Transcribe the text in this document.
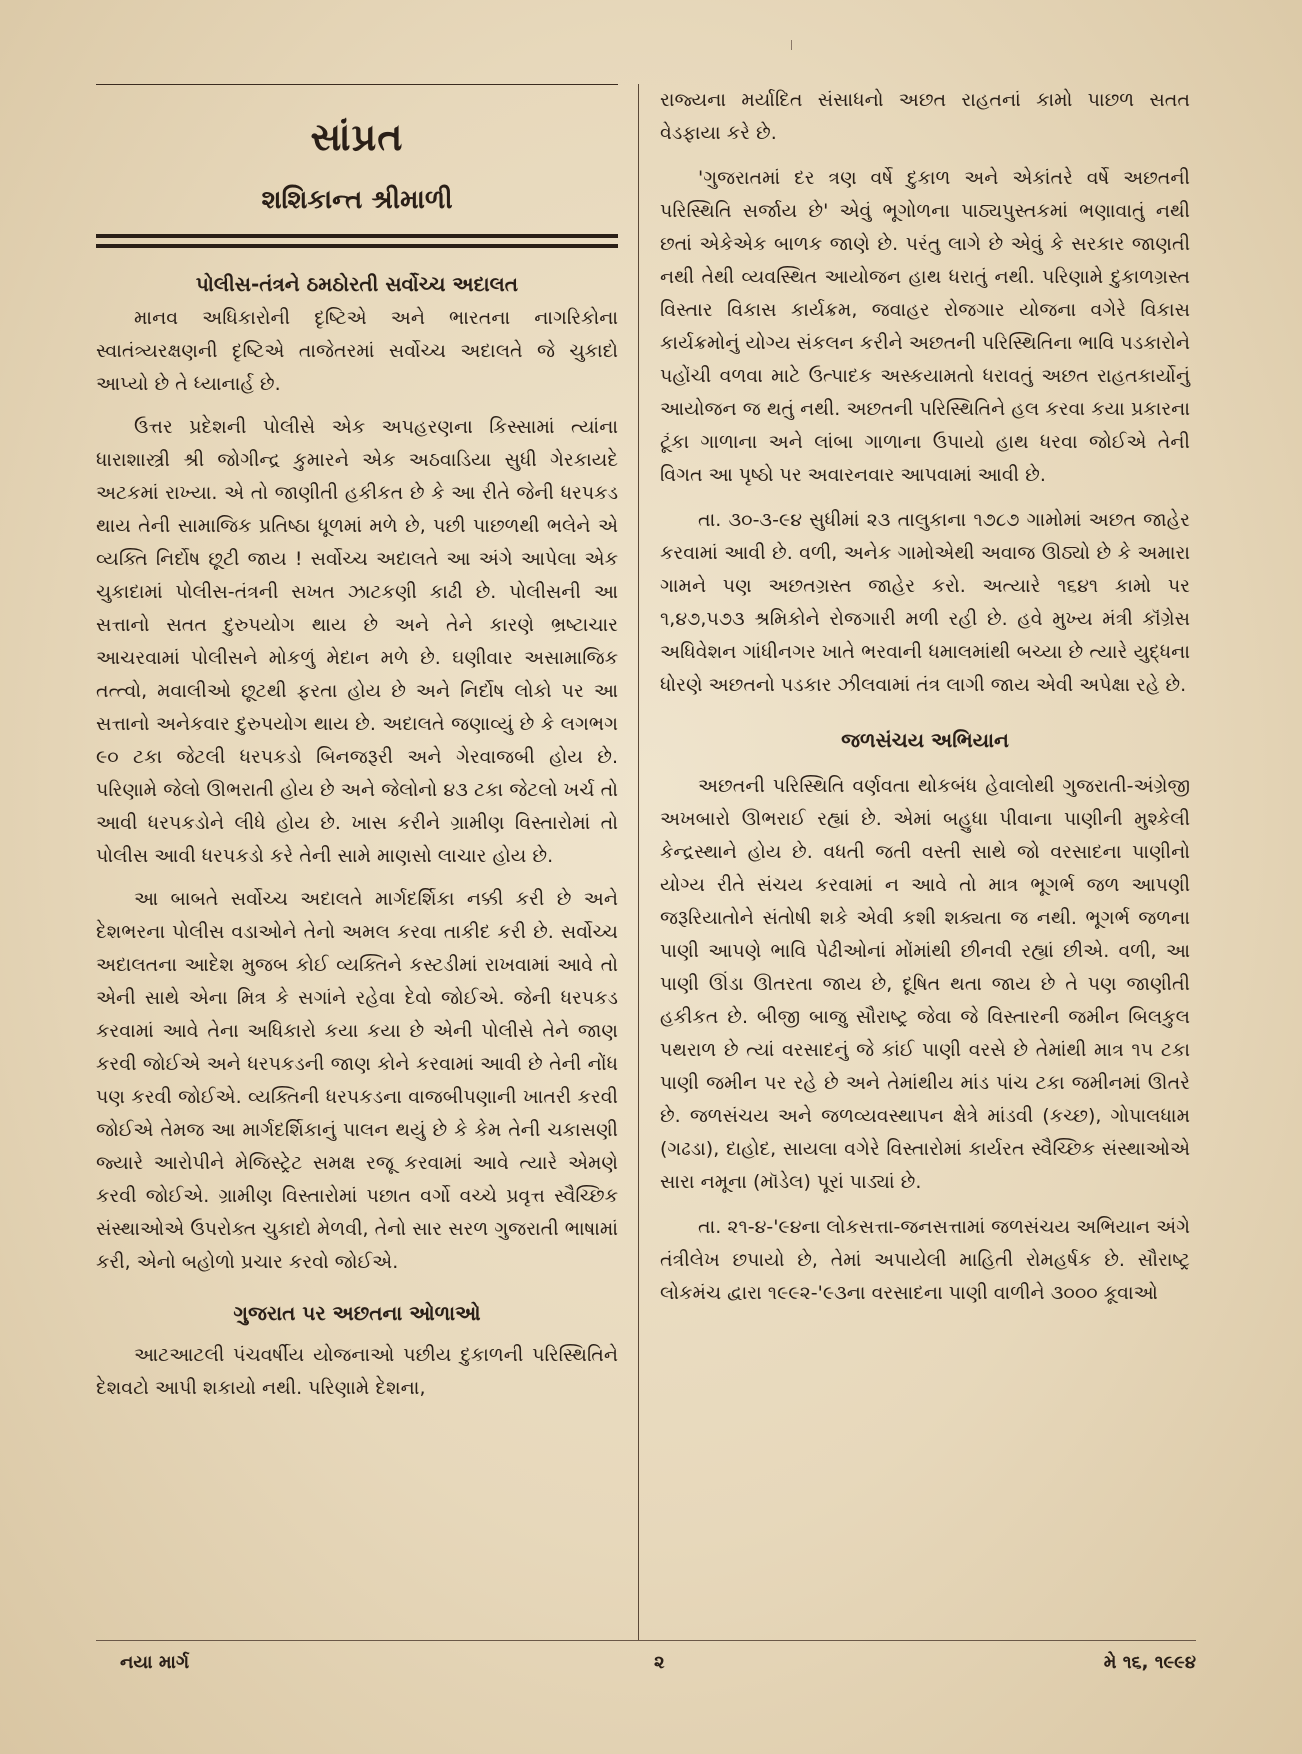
સાંપ્રત
શશિકાન્ત શ્રીમાળી
પોલીસ-તંત્રને ઠમઠોરતી સર્વોચ્ચ અદાલત

માનવ અધિકારોની દૃષ્ટિએ અને ભારતના નાગરિકોના સ્વાતંત્ર્યરક્ષણની દૃષ્ટિએ તાજેતરમાં સર્વોચ્ચ અદાલતે જે ચુકાદો આપ્યો છે તે ધ્યાનાર્હ છે.

ઉત્તર પ્રદેશની પોલીસે એક અપહરણના કિસ્સામાં ત્યાંના ધારાશાસ્ત્રી શ્રી જોગીન્દ્ર કુમારને એક અઠવાડિયા સુધી ગેરકાયદે અટકમાં રાખ્યા. એ તો જાણીતી હકીકત છે કે આ રીતે જેની ધરપકડ થાય તેની સામાજિક પ્રતિષ્ઠા ધૂળમાં મળે છે, પછી પાછળથી ભલેને એ વ્યક્તિ નિર્દોષ છૂટી જાય ! સર્વોચ્ચ અદાલતે આ અંગે આપેલા એક ચુકાદામાં પોલીસ-તંત્રની સખત ઝાટકણી કાઢી છે. પોલીસની આ સત્તાનો સતત દુરુપયોગ થાય છે અને તેને કારણે ભ્રષ્ટાચાર આચરવામાં પોલીસને મોકળું મેદાન મળે છે. ઘણીવાર અસામાજિક તત્ત્વો, મવાલીઓ છૂટથી ફરતા હોય છે અને નિર્દોષ લોકો પર આ સત્તાનો અનેકવાર દુરુપયોગ થાય છે. અદાલતે જણાવ્યું છે કે લગભગ ૯૦ ટકા જેટલી ધરપકડો બિનજરૂરી અને ગેરવાજબી હોય છે. પરિણામે જેલો ઊભરાતી હોય છે અને જેલોનો ૪૩ ટકા જેટલો ખર્ચ તો આવી ધરપકડોને લીધે હોય છે. ખાસ કરીને ગ્રામીણ વિસ્તારોમાં તો પોલીસ આવી ધરપકડો કરે તેની સામે માણસો લાચાર હોય છે.

આ બાબતે સર્વોચ્ચ અદાલતે માર્ગદર્શિકા નક્કી કરી છે અને દેશભરના પોલીસ વડાઓને તેનો અમલ કરવા તાકીદ કરી છે. સર્વોચ્ચ અદાલતના આદેશ મુજબ કોઈ વ્યક્તિને કસ્ટડીમાં રાખવામાં આવે તો એની સાથે એના મિત્ર કે સગાંને રહેવા દેવો જોઈએ. જેની ધરપકડ કરવામાં આવે તેના અધિકારો કયા કયા છે એની પોલીસે તેને જાણ કરવી જોઈએ અને ધરપકડની જાણ કોને કરવામાં આવી છે તેની નોંધ પણ કરવી જોઈએ. વ્યક્તિની ધરપકડના વાજબીપણાની ખાતરી કરવી જોઈએ તેમજ આ માર્ગદર્શિકાનું પાલન થયું છે કે કેમ તેની ચકાસણી જ્યારે આરોપીને મેજિસ્ટ્રેટ સમક્ષ રજૂ કરવામાં આવે ત્યારે એમણે કરવી જોઈએ. ગ્રામીણ વિસ્તારોમાં પછાત વર્ગો વચ્ચે પ્રવૃત્ત સ્વૈચ્છિક સંસ્થાઓએ ઉપરોક્ત ચુકાદો મેળવી, તેનો સાર સરળ ગુજરાતી ભાષામાં કરી, એનો બહોળો પ્રચાર કરવો જોઈએ.

ગુજરાત પર અછતના ઓળાઓ

આટઆટલી પંચવર્ષીય યોજનાઓ પછીય દુકાળની પરિસ્થિતિને દેશવટો આપી શકાયો નથી. પરિણામે દેશના,

રાજ્યના મર્યાદિત સંસાધનો અછત રાહતનાં કામો પાછળ સતત વેડફાયા કરે છે.

'ગુજરાતમાં દર ત્રણ વર્ષે દુકાળ અને એકાંતરે વર્ષે અછતની પરિસ્થિતિ સર્જાય છે' એવું ભૂગોળના પાઠ્યપુસ્તકમાં ભણાવાતું નથી છતાં એકેએક બાળક જાણે છે. પરંતુ લાગે છે એવું કે સરકાર જાણતી નથી તેથી વ્યવસ્થિત આયોજન હાથ ધરાતું નથી. પરિણામે દુકાળગ્રસ્ત વિસ્તાર વિકાસ કાર્યક્રમ, જવાહર રોજગાર યોજના વગેરે વિકાસ કાર્યક્રમોનું યોગ્ય સંકલન કરીને અછતની પરિસ્થિતિના ભાવિ પડકારોને પહોંચી વળવા માટે ઉત્પાદક અસ્કયામતો ધરાવતું અછત રાહતકાર્યોનું આયોજન જ થતું નથી. અછતની પરિસ્થિતિને હલ કરવા કયા પ્રકારના ટૂંકા ગાળાના અને લાંબા ગાળાના ઉપાયો હાથ ધરવા જોઈએ તેની વિગત આ પૃષ્ઠો પર અવારનવાર આપવામાં આવી છે.

તા. ૩૦-૩-૯૪ સુધીમાં ૨૩ તાલુકાના ૧૭૮૭ ગામોમાં અછત જાહેર કરવામાં આવી છે. વળી, અનેક ગામોએથી અવાજ ઊઠ્યો છે કે અમારા ગામને પણ અછતગ્રસ્ત જાહેર કરો. અત્યારે ૧૬૪૧ કામો પર ૧,૪૭,૫૭૩ શ્રમિકોને રોજગારી મળી રહી છે. હવે મુખ્ય મંત્રી કૉંગ્રેસ અધિવેશન ગાંધીનગર ખાતે ભરવાની ધમાલમાંથી બચ્યા છે ત્યારે યુદ્ધના ધોરણે અછતનો પડકાર ઝીલવામાં તંત્ર લાગી જાય એવી અપેક્ષા રહે છે.

જળસંચય અભિયાન

અછતની પરિસ્થિતિ વર્ણવતા થોકબંધ હેવાલોથી ગુજરાતી-અંગ્રેજી અખબારો ઊભરાઈ રહ્યાં છે. એમાં બહુધા પીવાના પાણીની મુશ્કેલી કેન્દ્રસ્થાને હોય છે. વધતી જતી વસ્તી સાથે જો વરસાદના પાણીનો યોગ્ય રીતે સંચય કરવામાં ન આવે તો માત્ર ભૂગર્ભ જળ આપણી જરૂરિયાતોને સંતોષી શકે એવી કશી શક્યતા જ નથી. ભૂગર્ભ જળના પાણી આપણે ભાવિ પેઢીઓનાં મોંમાંથી છીનવી રહ્યાં છીએ. વળી, આ પાણી ઊંડા ઊતરતા જાય છે, દૂષિત થતા જાય છે તે પણ જાણીતી હકીકત છે. બીજી બાજુ સૌરાષ્ટ્ર જેવા જે વિસ્તારની જમીન બિલકુલ પથરાળ છે ત્યાં વરસાદનું જે કાંઈ પાણી વરસે છે તેમાંથી માત્ર ૧૫ ટકા પાણી જમીન પર રહે છે અને તેમાંથીય માંડ પાંચ ટકા જમીનમાં ઊતરે છે. જળસંચય અને જળવ્યવસ્થાપન ક્ષેત્રે માંડવી (કચ્છ), ગોપાલધામ (ગઢડા), દાહોદ, સાયલા વગેરે વિસ્તારોમાં કાર્યરત સ્વૈચ્છિક સંસ્થાઓએ સારા નમૂના (મૉડેલ) પૂરાં પાડ્યાં છે.

તા. ૨૧-૪-'૯૪ના લોકસત્તા-જનસત્તામાં જળસંચય અભિયાન અંગે તંત્રીલેખ છપાયો છે, તેમાં અપાયેલી માહિતી રોમહર્ષક છે. સૌરાષ્ટ્ર લોકમંચ દ્વારા ૧૯૯૨-'૯૩ના વરસાદના પાણી વાળીને ૩૦૦૦ કૂવાઓ

નયા માર્ગ	૨	મે ૧૬, ૧૯૯૪
